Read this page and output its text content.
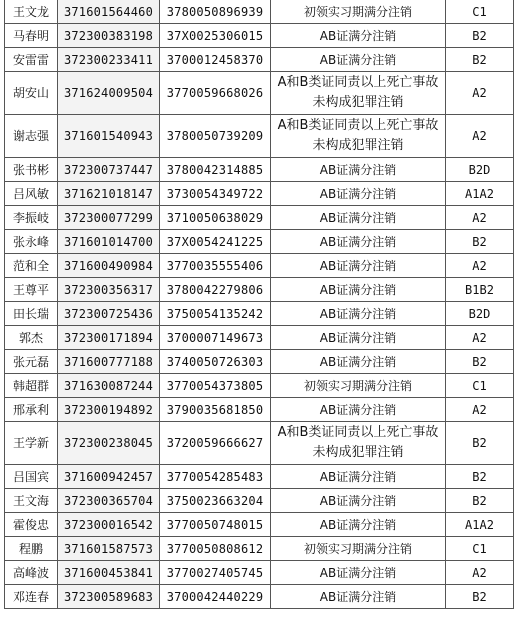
王文龙	371601564460	3780050896939	初领实习期满分注销	C1
马春明	372300383198	37X0025306015	AB证满分注销	B2
安雷雷	372300233411	3700012458370	AB证满分注销	B2
胡安山	371624009504	3770059668026	A和B类证同责以上死亡事故未构成犯罪注销	A2
谢志强	371601540943	3780050739209	A和B类证同责以上死亡事故未构成犯罪注销	A2
张书彬	372300737447	3780042314885	AB证满分注销	B2D
吕风敏	371621018147	3730054349722	AB证满分注销	A1A2
李振岐	372300077299	3710050638029	AB证满分注销	A2
张永峰	371601014700	37X0054241225	AB证满分注销	B2
范和全	371600490984	3770035555406	AB证满分注销	A2
王尊平	372300356317	3780042279806	AB证满分注销	B1B2
田长瑞	372300725436	3750054135242	AB证满分注销	B2D
郭杰	372300171894	3700007149673	AB证满分注销	A2
张元磊	371600777188	3740050726303	AB证满分注销	B2
韩超群	371630087244	3770054373805	初领实习期满分注销	C1
邢承利	372300194892	3790035681850	AB证满分注销	A2
王学新	372300238045	3720059666627	A和B类证同责以上死亡事故未构成犯罪注销	B2
吕国宾	371600942457	3770054285483	AB证满分注销	B2
王文海	372300365704	3750023663204	AB证满分注销	B2
霍俊忠	372300016542	3770050748015	AB证满分注销	A1A2
程鹏	371601587573	3770050808612	初领实习期满分注销	C1
高峰波	371600453841	3770027405745	AB证满分注销	A2
邓连春	372300589683	3700042440229	AB证满分注销	B2
